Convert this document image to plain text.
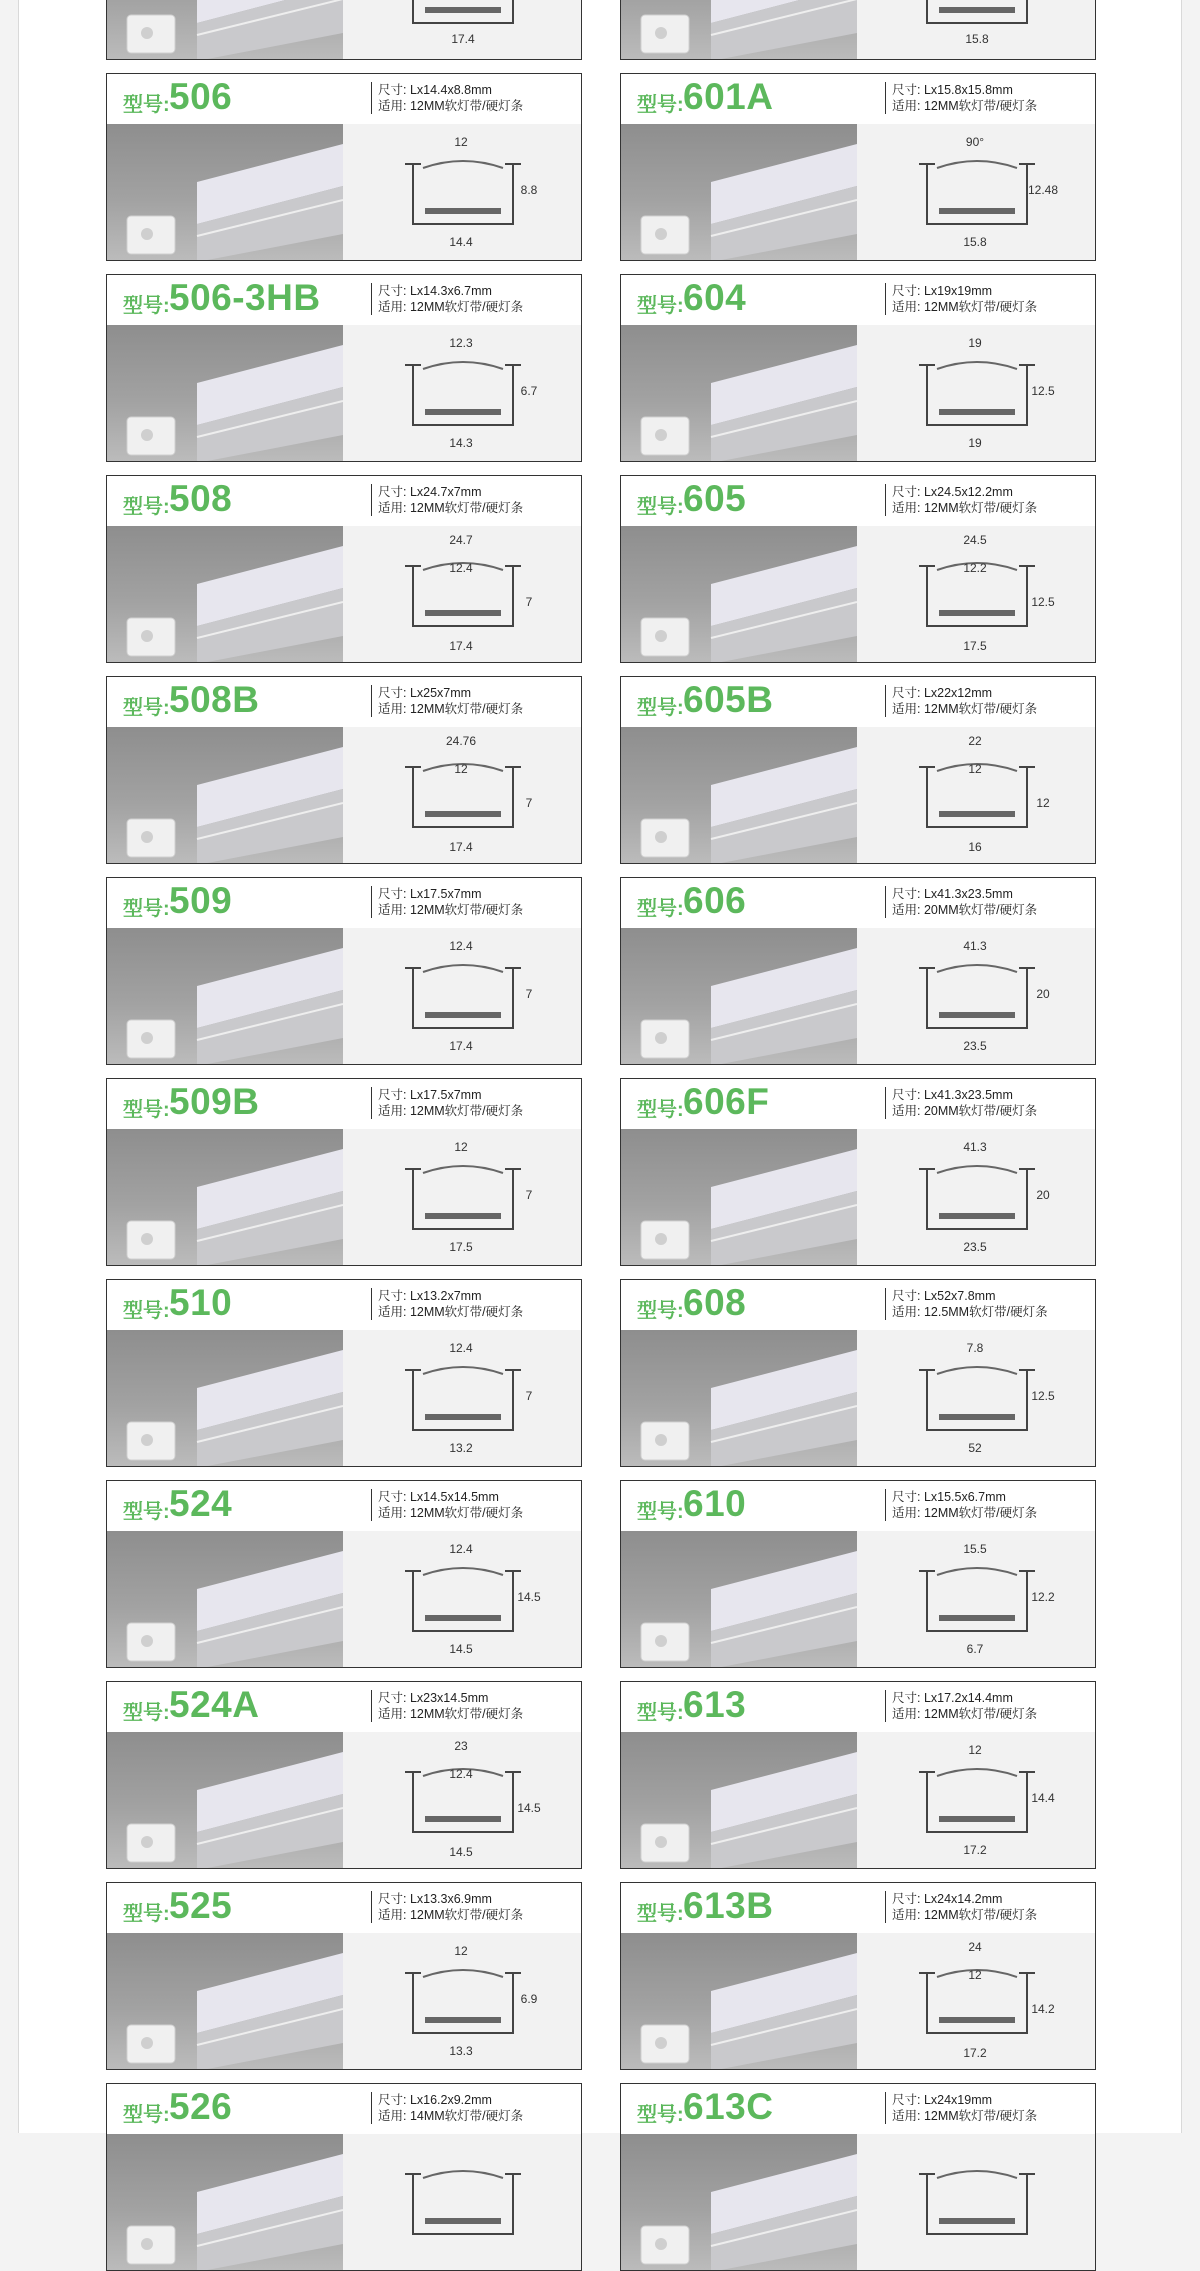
17.4
型号: 506	尺寸: Lx14.4x8.8mm
适用: 12MM软灯带/硬灯条
12
8.8
14.4
型号: 506-3HB	尺寸: Lx14.3x6.7mm
适用: 12MM软灯带/硬灯条
12.3
6.7
14.3
型号: 508	尺寸: Lx24.7x7mm
适用: 12MM软灯带/硬灯条
24.7
12.4
7
17.4
型号: 508B	尺寸: Lx25x7mm
适用: 12MM软灯带/硬灯条
24.76
12
7
17.4
型号: 509	尺寸: Lx17.5x7mm
适用: 12MM软灯带/硬灯条
12.4
7
17.4
型号: 509B	尺寸: Lx17.5x7mm
适用: 12MM软灯带/硬灯条
12
7
17.5
型号: 510	尺寸: Lx13.2x7mm
适用: 12MM软灯带/硬灯条
12.4
7
13.2
型号: 524	尺寸: Lx14.5x14.5mm
适用: 12MM软灯带/硬灯条
12.4
14.5
14.5
型号: 524A	尺寸: Lx23x14.5mm
适用: 12MM软灯带/硬灯条
23
12.4
14.5
14.5
型号: 525	尺寸: Lx13.3x6.9mm
适用: 12MM软灯带/硬灯条
12
6.9
13.3
型号: 526	尺寸: Lx16.2x9.2mm
适用: 14MM软灯带/硬灯条
15.8
型号: 601A	尺寸: Lx15.8x15.8mm
适用: 12MM软灯带/硬灯条
90°
12.48
15.8
型号: 604	尺寸: Lx19x19mm
适用: 12MM软灯带/硬灯条
19
12.5
19
型号: 605	尺寸: Lx24.5x12.2mm
适用: 12MM软灯带/硬灯条
24.5
12.2
12.5
17.5
型号: 605B	尺寸: Lx22x12mm
适用: 12MM软灯带/硬灯条
22
12
12
16
型号: 606	尺寸: Lx41.3x23.5mm
适用: 20MM软灯带/硬灯条
41.3
20
23.5
型号: 606F	尺寸: Lx41.3x23.5mm
适用: 20MM软灯带/硬灯条
41.3
20
23.5
型号: 608	尺寸: Lx52x7.8mm
适用: 12.5MM软灯带/硬灯条
7.8
12.5
52
型号: 610	尺寸: Lx15.5x6.7mm
适用: 12MM软灯带/硬灯条
15.5
12.2
6.7
型号: 613	尺寸: Lx17.2x14.4mm
适用: 12MM软灯带/硬灯条
12
14.4
17.2
型号: 613B	尺寸: Lx24x14.2mm
适用: 12MM软灯带/硬灯条
24
12
14.2
17.2
型号: 613C	尺寸: Lx24x19mm
适用: 12MM软灯带/硬灯条
